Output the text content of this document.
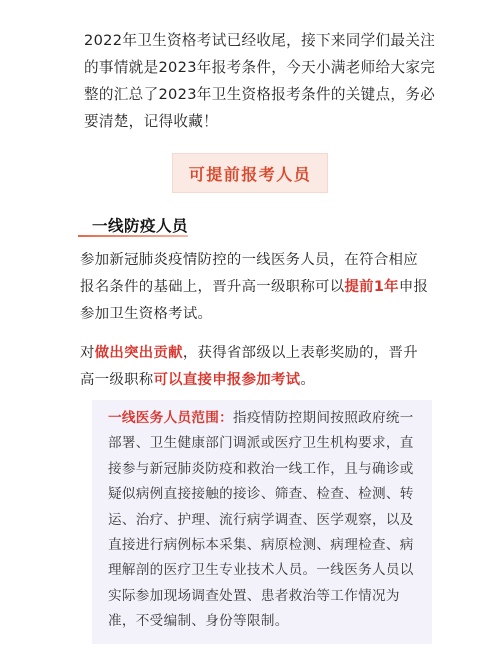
2022年卫生资格考试已经收尾，接下来同学们最关注的事情就是2023年报考条件，今天小满老师给大家完整的汇总了2023年卫生资格报考条件的关键点，务必要清楚，记得收藏！

可提前报考人员
一线防疫人员

参加新冠肺炎疫情防控的一线医务人员，在符合相应报名条件的基础上，晋升高一级职称可以提前1年申报参加卫生资格考试。

对做出突出贡献，获得省部级以上表彰奖励的，晋升高一级职称可以直接申报参加考试。

一线医务人员范围：指疫情防控期间按照政府统一部署、卫生健康部门调派或医疗卫生机构要求，直接参与新冠肺炎防疫和救治一线工作，且与确诊或疑似病例直接接触的接诊、筛查、检查、检测、转运、治疗、护理、流行病学调查、医学观察，以及直接进行病例标本采集、病原检测、病理检查、病理解剖的医疗卫生专业技术人员。一线医务人员以实际参加现场调查处置、患者救治等工作情况为准，不受编制、身份等限制。
